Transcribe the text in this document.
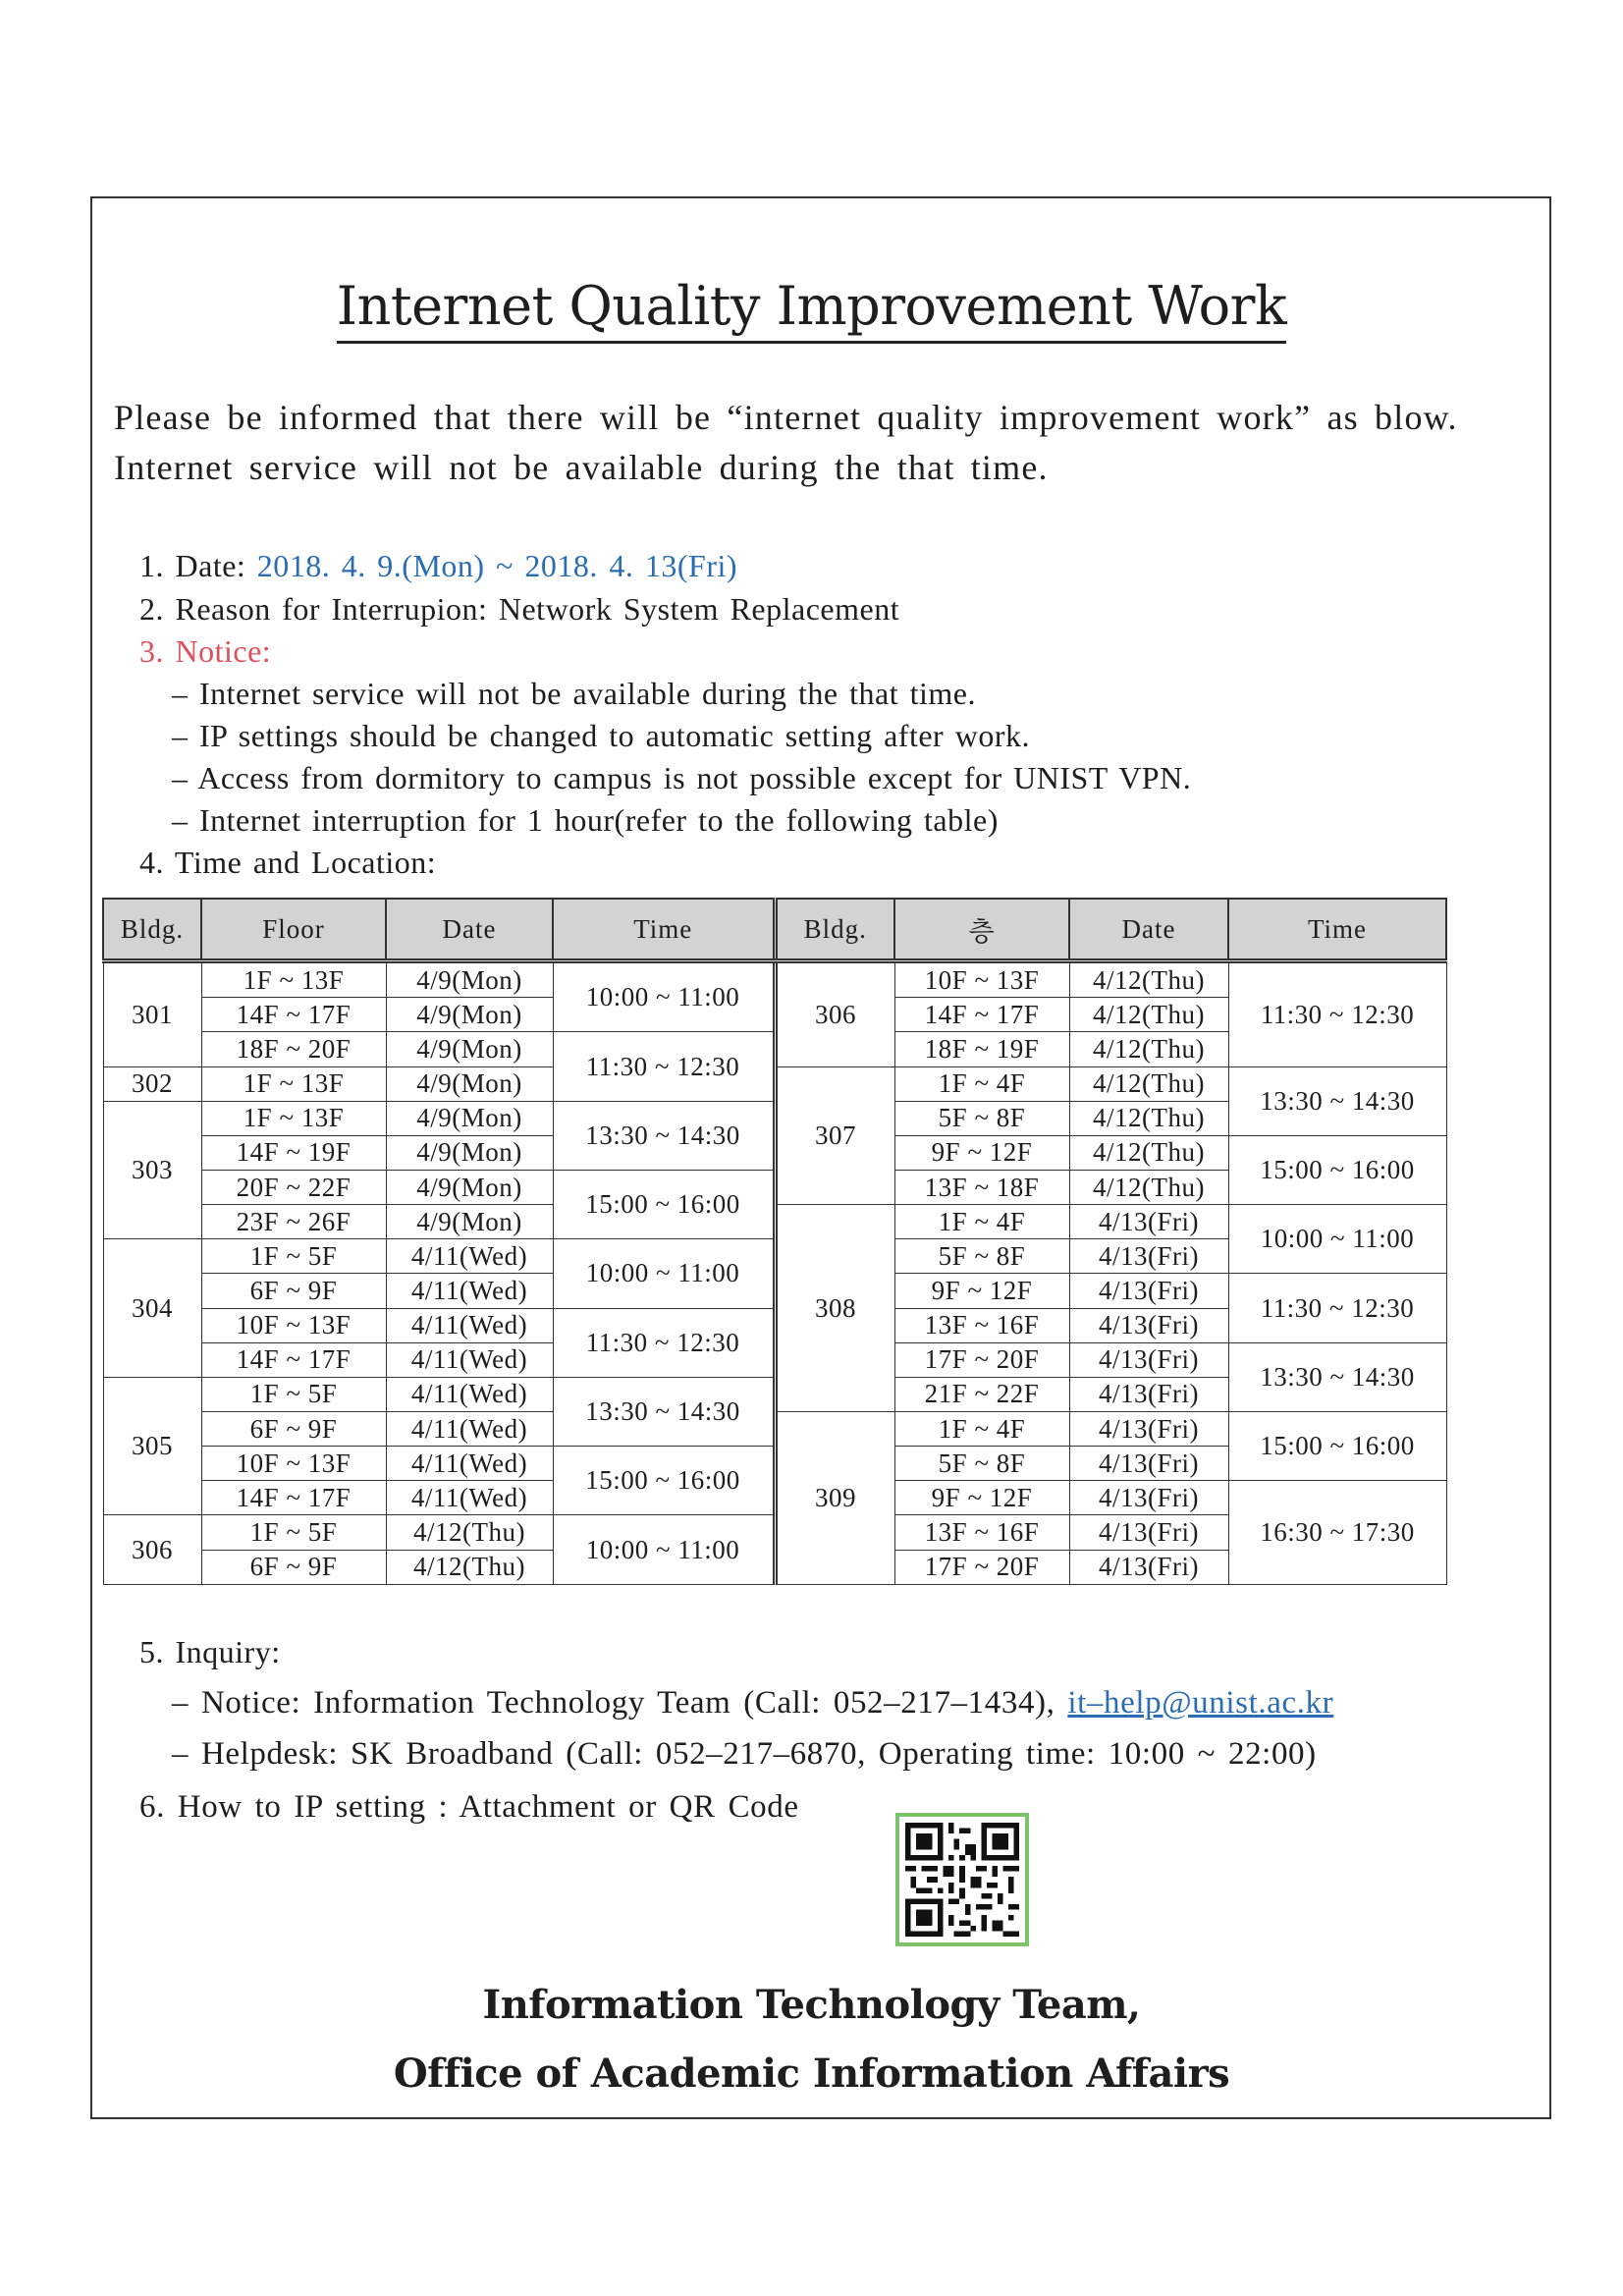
Internet Quality Improvement Work
Please be informed that there will be “internet quality improvement work” as blow.
Internet service will not be available during the that time.
1. Date: 2018. 4. 9.(Mon) ~ 2018. 4. 13(Fri)
2. Reason for Interrupion: Network System Replacement
3. Notice:
– Internet service will not be available during the that time.
– IP settings should be changed to automatic setting after work.
– Access from dormitory to campus is not possible except for UNIST VPN.
– Internet interruption for 1 hour(refer to the following table)
4. Time and Location:
Bldg.	Floor	Date	Time	Bldg.	층	Date	Time
301	1F ~ 13F	4/9(Mon)	10:00 ~ 11:00	306	10F ~ 13F	4/12(Thu)	11:30 ~ 12:30
	14F ~ 17F	4/9(Mon)			14F ~ 17F	4/12(Thu)	
	18F ~ 20F	4/9(Mon)	11:30 ~ 12:30		18F ~ 19F	4/12(Thu)	
302	1F ~ 13F	4/9(Mon)		307	1F ~ 4F	4/12(Thu)	13:30 ~ 14:30
303	1F ~ 13F	4/9(Mon)	13:30 ~ 14:30		5F ~ 8F	4/12(Thu)	
	14F ~ 19F	4/9(Mon)			9F ~ 12F	4/12(Thu)	15:00 ~ 16:00
	20F ~ 22F	4/9(Mon)	15:00 ~ 16:00		13F ~ 18F	4/12(Thu)	
	23F ~ 26F	4/9(Mon)		308	1F ~ 4F	4/13(Fri)	10:00 ~ 11:00
304	1F ~ 5F	4/11(Wed)	10:00 ~ 11:00		5F ~ 8F	4/13(Fri)	
	6F ~ 9F	4/11(Wed)			9F ~ 12F	4/13(Fri)	11:30 ~ 12:30
	10F ~ 13F	4/11(Wed)	11:30 ~ 12:30		13F ~ 16F	4/13(Fri)	
	14F ~ 17F	4/11(Wed)			17F ~ 20F	4/13(Fri)	13:30 ~ 14:30
305	1F ~ 5F	4/11(Wed)	13:30 ~ 14:30		21F ~ 22F	4/13(Fri)	
	6F ~ 9F	4/11(Wed)		309	1F ~ 4F	4/13(Fri)	15:00 ~ 16:00
	10F ~ 13F	4/11(Wed)	15:00 ~ 16:00		5F ~ 8F	4/13(Fri)	
	14F ~ 17F	4/11(Wed)			9F ~ 12F	4/13(Fri)	16:30 ~ 17:30
306	1F ~ 5F	4/12(Thu)	10:00 ~ 11:00		13F ~ 16F	4/13(Fri)	
	6F ~ 9F	4/12(Thu)			17F ~ 20F	4/13(Fri)	
5. Inquiry:
– Notice: Information Technology Team (Call: 052–217–1434), it–help@unist.ac.kr
– Helpdesk: SK Broadband (Call: 052–217–6870, Operating time: 10:00 ~ 22:00)
6. How to IP setting : Attachment or QR Code
Information Technology Team,
Office of Academic Information Affairs
